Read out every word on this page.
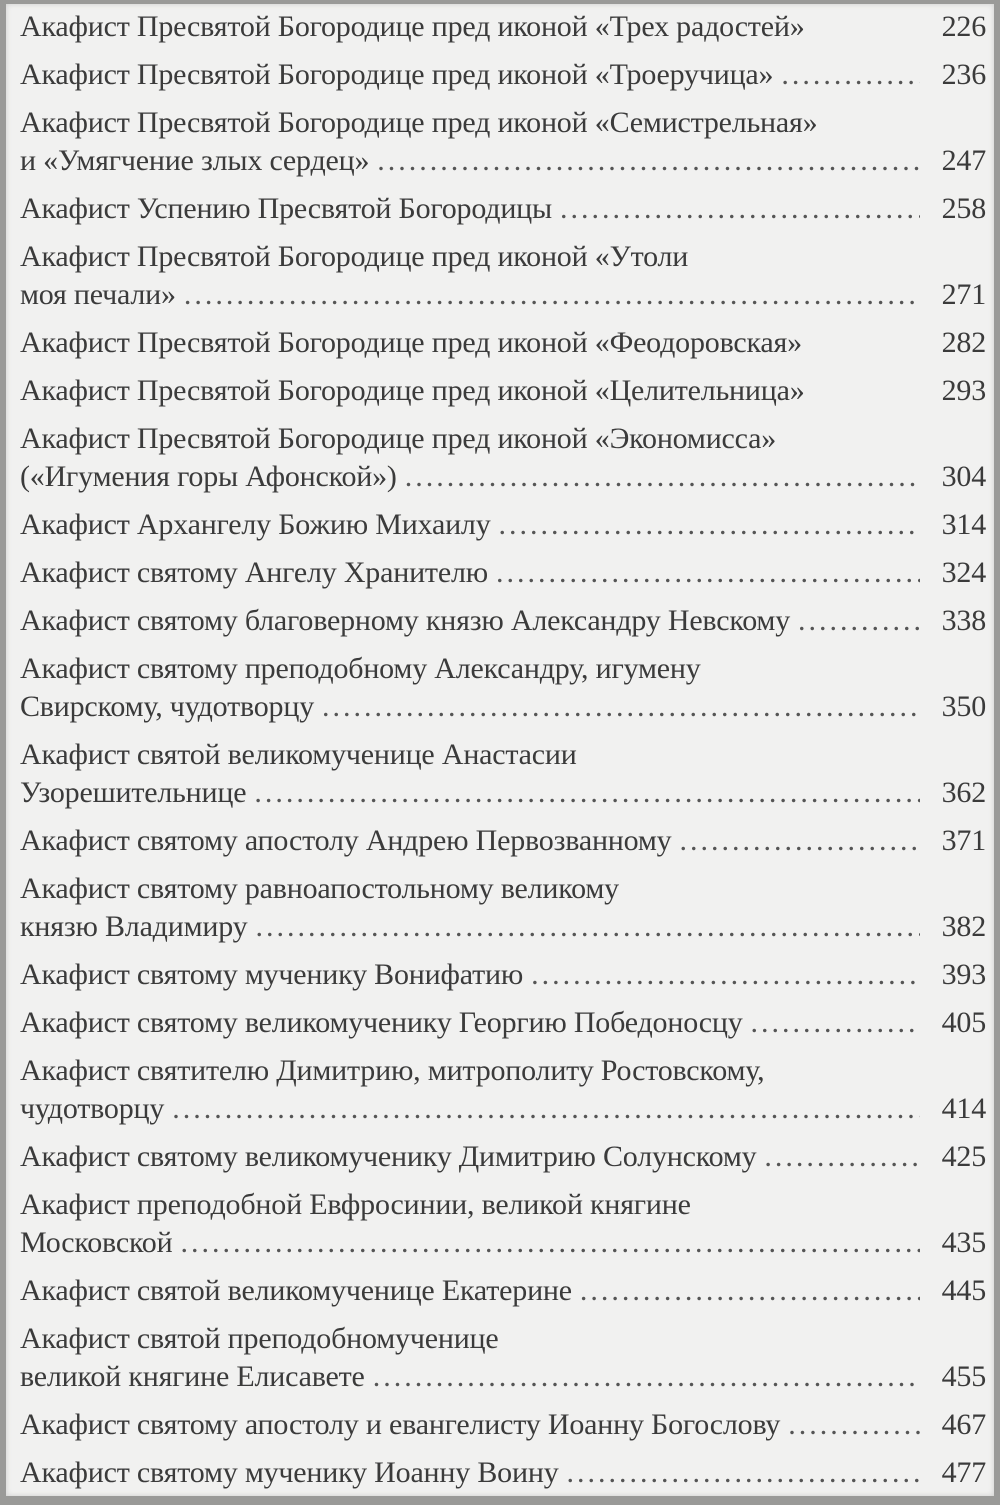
Акафист Пресвятой Богородице пред иконой «Трех радостей»	226
Акафист Пресвятой Богородице пред иконой «Троеручица» .....	236
Акафист Пресвятой Богородице пред иконой «Семистрельная»
и «Умягчение злых сердец» .....	247
Акафист Успению Пресвятой Богородицы .....	258
Акафист Пресвятой Богородице пред иконой «Утоли
моя печали» .....	271
Акафист Пресвятой Богородице пред иконой «Феодоровская»	282
Акафист Пресвятой Богородице пред иконой «Целительница»	293
Акафист Пресвятой Богородице пред иконой «Экономисса»
(«Игумения горы Афонской») .....	304
Акафист Архангелу Божию Михаилу .....	314
Акафист святому Ангелу Хранителю .....	324
Акафист святому благоверному князю Александру Невскому .....	338
Акафист святому преподобному Александру, игумену
Свирскому, чудотворцу .....	350
Акафист святой великомученице Анастасии
Узорешительнице .....	362
Акафист святому апостолу Андрею Первозванному .....	371
Акафист святому равноапостольному великому
князю Владимиру .....	382
Акафист святому мученику Вонифатию .....	393
Акафист святому великомученику Георгию Победоносцу .....	405
Акафист святителю Димитрию, митрополиту Ростовскому,
чудотворцу .....	414
Акафист святому великомученику Димитрию Солунскому .....	425
Акафист преподобной Евфросинии, великой княгине
Московской .....	435
Акафист святой великомученице Екатерине .....	445
Акафист святой преподобномученице
великой княгине Елисавете .....	455
Акафист святому апостолу и евангелисту Иоанну Богослову .....	467
Акафист святому мученику Иоанну Воину .....	477
